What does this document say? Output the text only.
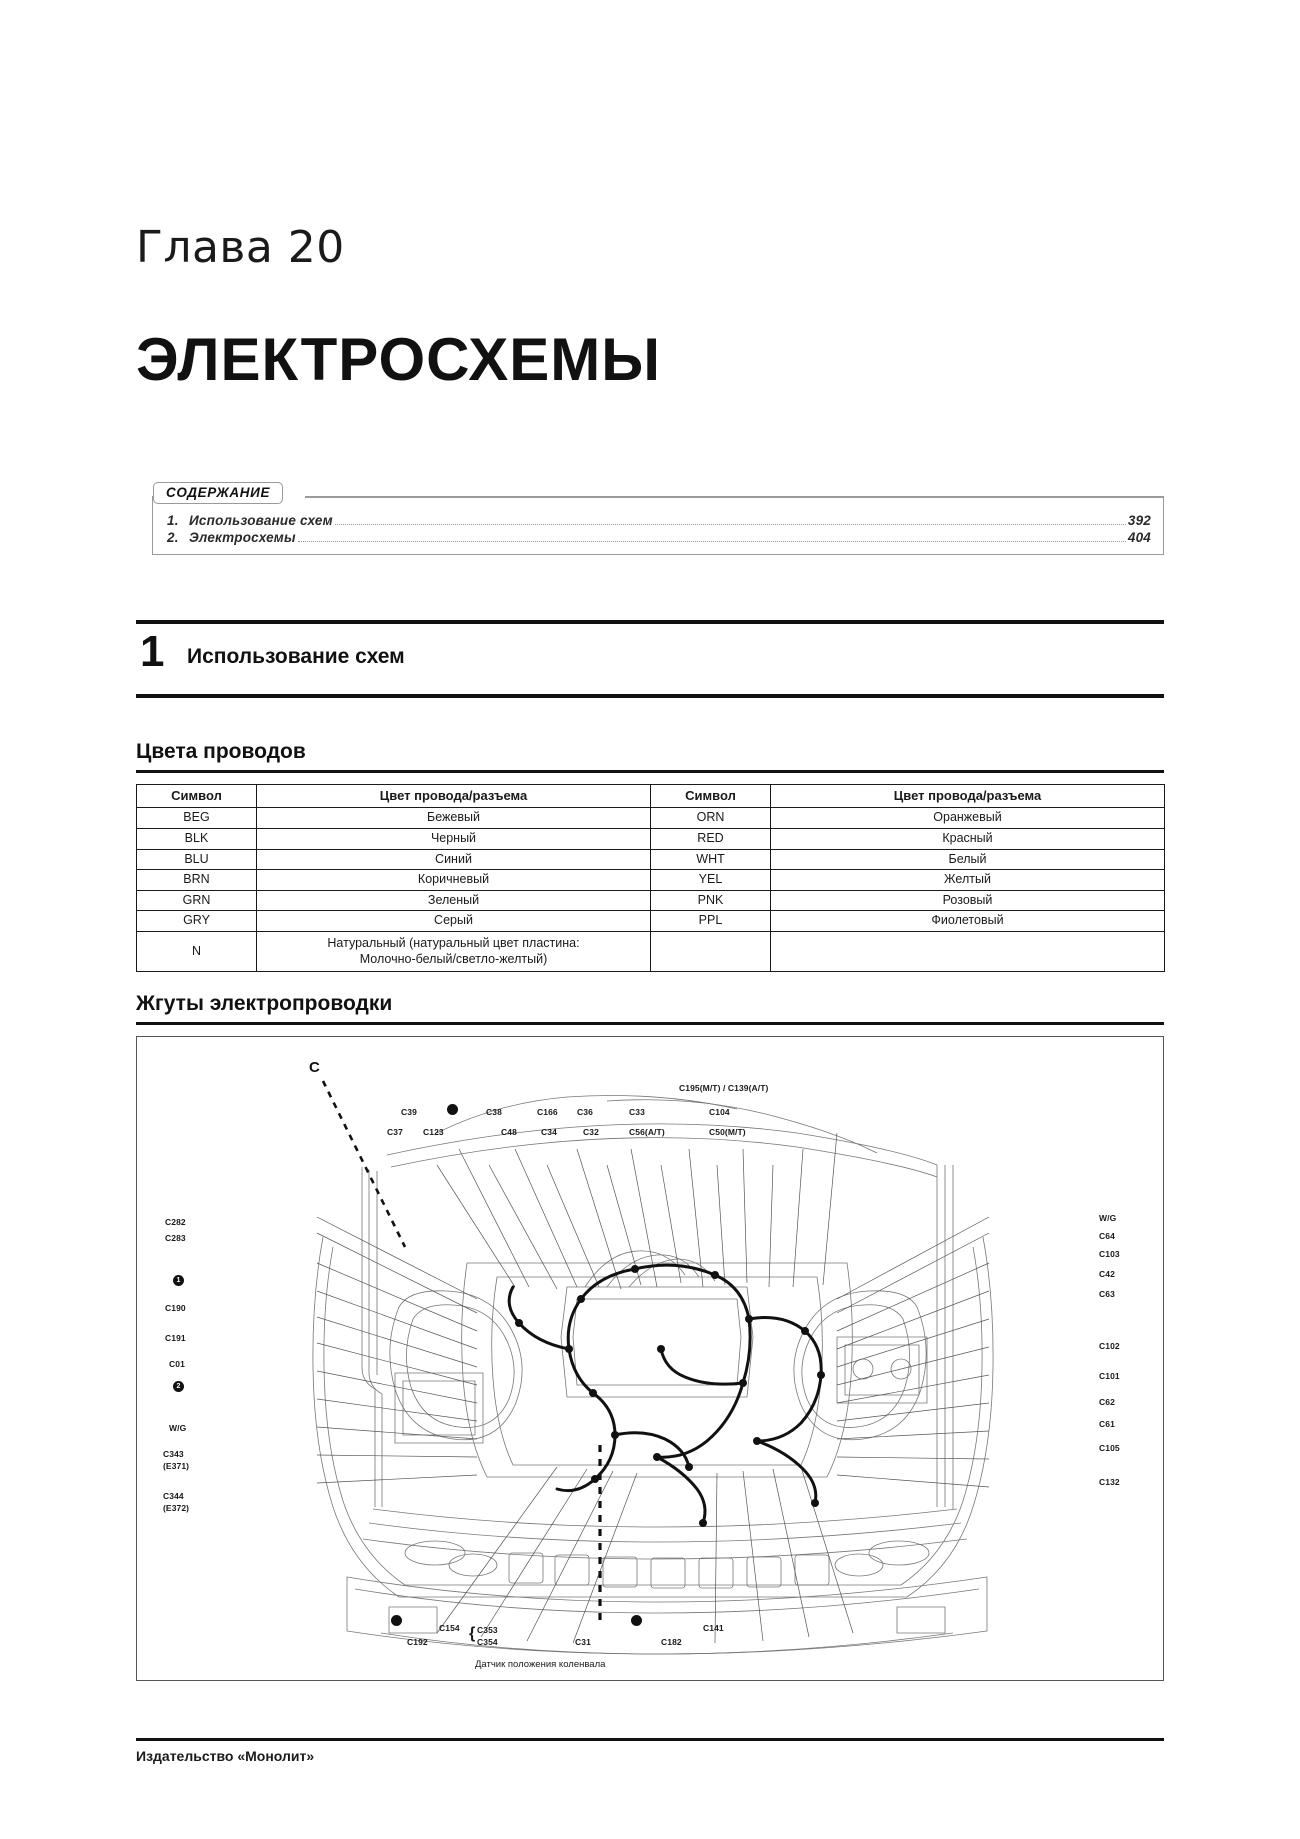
Глава 20
ЭЛЕКТРОСХЕМЫ
СОДЕРЖАНИЕ
1. Использование схем	392
2. Электросхемы	404
1 Использование схем
Цвета проводов
Символ	Цвет провода/разъема	Символ	Цвет провода/разъема
BEG	Бежевый	ORN	Оранжевый
BLK	Черный	RED	Красный
BLU	Синий	WHT	Белый
BRN	Коричневый	YEL	Желтый
GRN	Зеленый	PNK	Розовый
GRY	Серый	PPL	Фиолетовый
N	Натуральный (натуральный цвет пластина:
Молочно-белый/светло-желтый)		
Жгуты электропроводки
C
C39	C38	C166 C36	C33	C104
C195(M/T) / C139(A/T)
C37 C123	C48	C34	C32	C56(A/T)	C50(M/T)
C282
C283
1
C190
C191
C01
2
W/G
C343
(E371)
C344
(E372)
W/G
C64
C103
C42
C63
C102
C101
C62
C61
C105
C132
C192
C154 C353
C354
{	C31	C182
C141
Датчик положения коленвала
Издательство «Монолит»
